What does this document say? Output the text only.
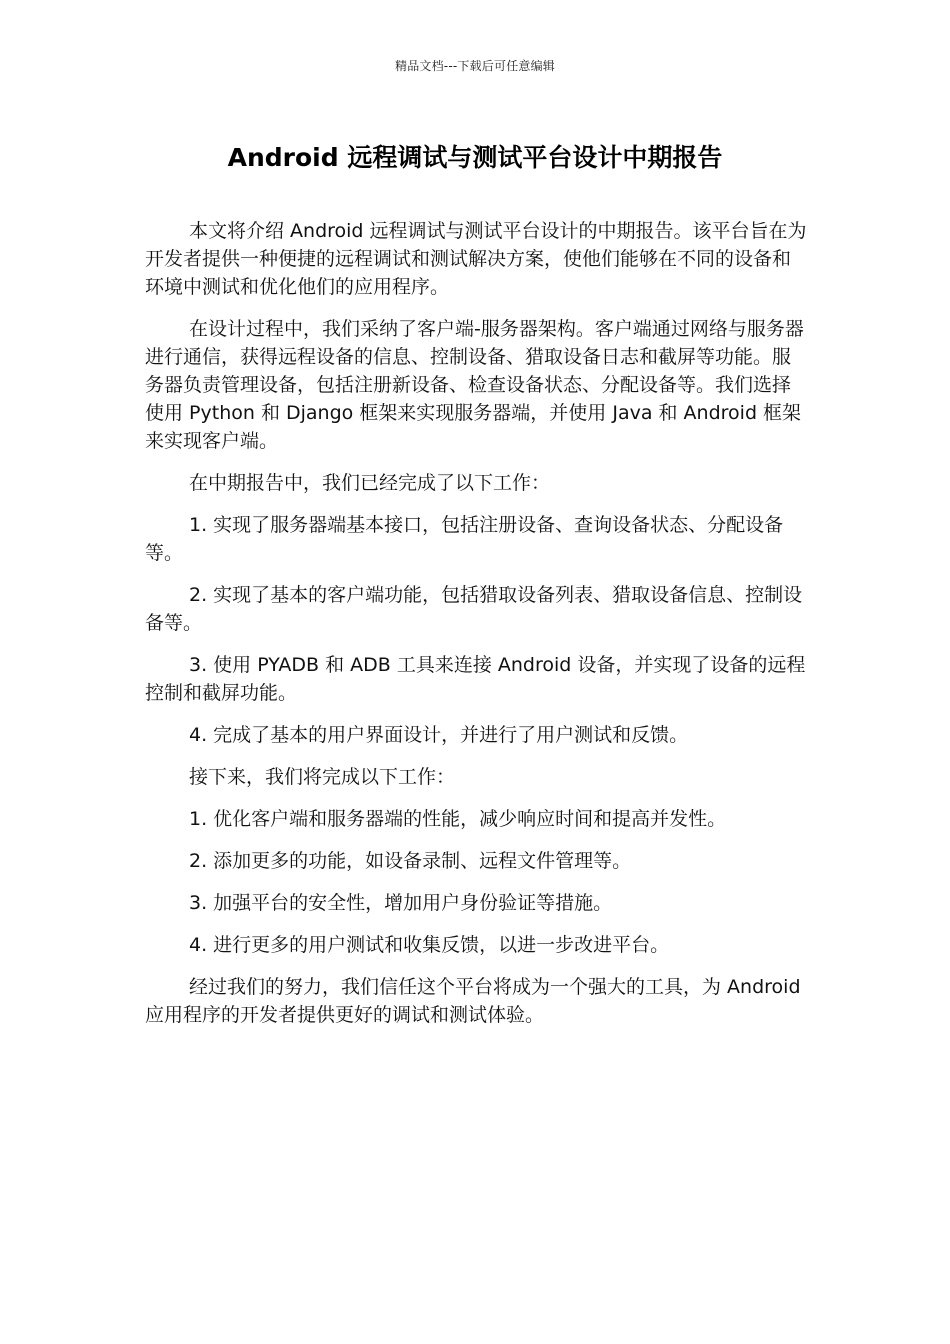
精品文档---下载后可任意编辑
Android 远程调试与测试平台设计中期报告

本文将介绍 Android 远程调试与测试平台设计的中期报告。该平台旨在为开发者提供一种便捷的远程调试和测试解决方案，使他们能够在不同的设备和环境中测试和优化他们的应用程序。

在设计过程中，我们采纳了客户端-服务器架构。客户端通过网络与服务器进行通信，获得远程设备的信息、控制设备、猎取设备日志和截屏等功能。服务器负责管理设备，包括注册新设备、检查设备状态、分配设备等。我们选择使用 Python 和 Django 框架来实现服务器端，并使用 Java 和 Android 框架来实现客户端。

在中期报告中，我们已经完成了以下工作：

1. 实现了服务器端基本接口，包括注册设备、查询设备状态、分配设备等。

2. 实现了基本的客户端功能，包括猎取设备列表、猎取设备信息、控制设备等。

3. 使用 PYADB 和 ADB 工具来连接 Android 设备，并实现了设备的远程控制和截屏功能。

4. 完成了基本的用户界面设计，并进行了用户测试和反馈。

接下来，我们将完成以下工作：

1. 优化客户端和服务器端的性能，减少响应时间和提高并发性。

2. 添加更多的功能，如设备录制、远程文件管理等。

3. 加强平台的安全性，增加用户身份验证等措施。

4. 进行更多的用户测试和收集反馈，以进一步改进平台。

经过我们的努力，我们信任这个平台将成为一个强大的工具，为 Android 应用程序的开发者提供更好的调试和测试体验。
